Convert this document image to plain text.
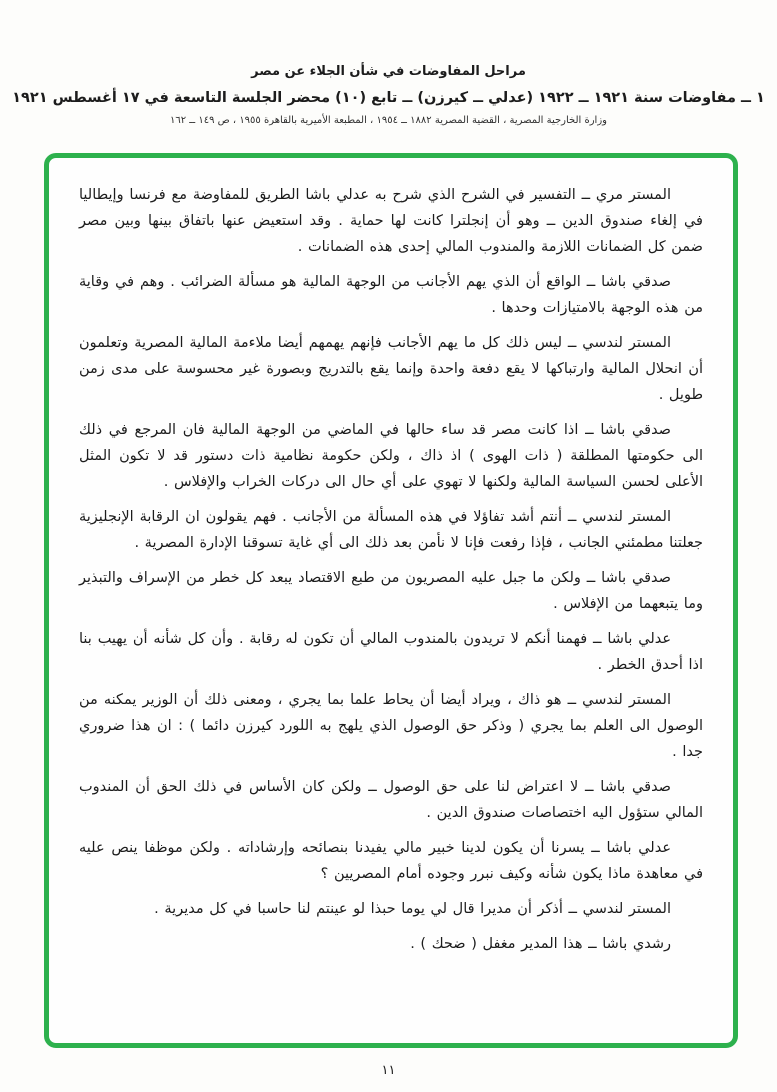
مراحل المفاوضات في شأن الجلاء عن مصر
١ ــ مفاوضات سنة ١٩٢١ ــ ١٩٢٢ (عدلي ــ كيرزن) ــ تابع (١٠) محضر الجلسة التاسعة في ١٧ أغسطس ١٩٢١
وزارة الخارجية المصرية ، القضية المصرية ١٨٨٢ ــ ١٩٥٤ ، المطبعة الأميرية بالقاهرة ١٩٥٥ ، ص ١٤٩ ــ ١٦٢

المستر مري ــ التفسير في الشرح الذي شرح به عدلي باشا الطريق للمفاوضة مع فرنسا وإيطاليا في إلغاء صندوق الدين ــ وهو أن إنجلترا كانت لها حماية . وقد استعيض عنها باتفاق بينها وبين مصر ضمن كل الضمانات اللازمة والمندوب المالي إحدى هذه الضمانات .

صدقي باشا ــ الواقع أن الذي يهم الأجانب من الوجهة المالية هو مسألة الضرائب . وهم في وقاية من هذه الوجهة بالامتيازات وحدها .

المستر لندسي ــ ليس ذلك كل ما يهم الأجانب فإنهم يهمهم أيضا ملاءمة المالية المصرية وتعلمون أن انحلال المالية وارتباكها لا يقع دفعة واحدة وإنما يقع بالتدريج وبصورة غير محسوسة على مدى زمن طويل .

صدقي باشا ــ اذا كانت مصر قد ساء حالها في الماضي من الوجهة المالية فان المرجع في ذلك الى حكومتها المطلقة ( ذات الهوى ) اذ ذاك ، ولكن حكومة نظامية ذات دستور قد لا تكون المثل الأعلى لحسن السياسة المالية ولكنها لا تهوي على أي حال الى دركات الخراب والإفلاس .

المستر لندسي ــ أنتم أشد تفاؤلا في هذه المسألة من الأجانب . فهم يقولون ان الرقابة الإنجليزية جعلتنا مطمئني الجانب ، فإذا رفعت فإنا لا نأمن بعد ذلك الى أي غاية تسوقنا الإدارة المصرية .

صدقي باشا ــ ولكن ما جبل عليه المصريون من طبع الاقتصاد يبعد كل خطر من الإسراف والتبذير وما يتبعهما من الإفلاس .

عدلي باشا ــ فهمنا أنكم لا تريدون بالمندوب المالي أن تكون له رقابة . وأن كل شأنه أن يهيب بنا اذا أحدق الخطر .

المستر لندسي ــ هو ذاك ، ويراد أيضا أن يحاط علما بما يجري ، ومعنى ذلك أن الوزير يمكنه من الوصول الى العلم بما يجري ( وذكر حق الوصول الذي يلهج به اللورد كيرزن دائما ) : ان هذا ضروري جدا .

صدقي باشا ــ لا اعتراض لنا على حق الوصول ــ ولكن كان الأساس في ذلك الحق أن المندوب المالي ستؤول اليه اختصاصات صندوق الدين .

عدلي باشا ــ يسرنا أن يكون لدينا خبير مالي يفيدنا بنصائحه وإرشاداته . ولكن موظفا ينص عليه في معاهدة ماذا يكون شأنه وكيف نبرر وجوده أمام المصريين ؟

المستر لندسي ــ أذكر أن مديرا قال لي يوما حبذا لو عينتم لنا حاسبا في كل مديرية .

رشدي باشا ــ هذا المدير مغفل ( ضحك ) .

١١
